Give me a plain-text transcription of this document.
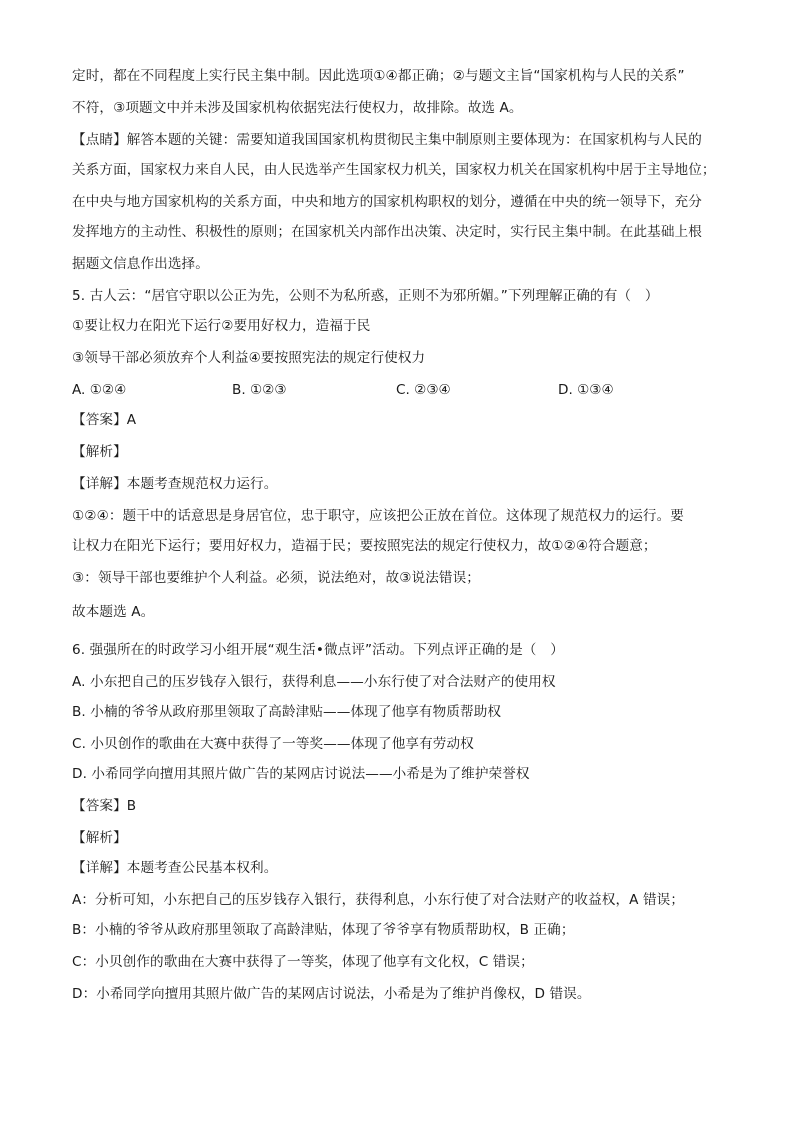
定时，都在不同程度上实行民主集中制。因此选项①④都正确；②与题文主旨“国家机构与人民的关系”
不符，③项题文中并未涉及国家机构依据宪法行使权力，故排除。故选 A。
【点睛】解答本题的关键：需要知道我国国家机构贯彻民主集中制原则主要体现为：在国家机构与人民的
关系方面，国家权力来自人民，由人民选举产生国家权力机关，国家权力机关在国家机构中居于主导地位；
在中央与地方国家机构的关系方面，中央和地方的国家机构职权的划分，遵循在中央的统一领导下，充分
发挥地方的主动性、积极性的原则；在国家机关内部作出决策、决定时，实行民主集中制。在此基础上根
据题文信息作出选择。
5. 古人云：“居官守职以公正为先，公则不为私所惑，正则不为邪所媚。”下列理解正确的有（　）
①要让权力在阳光下运行②要用好权力，造福于民
③领导干部必须放弃个人利益④要按照宪法的规定行使权力
A. ①②④	B. ①②③	C. ②③④	D. ①③④
【答案】A
【解析】
【详解】本题考查规范权力运行。
①②④：题干中的话意思是身居官位，忠于职守，应该把公正放在首位。这体现了规范权力的运行。要
让权力在阳光下运行；要用好权力，造福于民；要按照宪法的规定行使权力，故①②④符合题意；
③：领导干部也要维护个人利益。必须，说法绝对，故③说法错误；
故本题选 A。
6. 强强所在的时政学习小组开展“观生活•微点评”活动。下列点评正确的是（　）
A. 小东把自己的压岁钱存入银行，获得利息——小东行使了对合法财产的使用权
B. 小楠的爷爷从政府那里领取了高龄津贴——体现了他享有物质帮助权
C. 小贝创作的歌曲在大赛中获得了一等奖——体现了他享有劳动权
D. 小希同学向擅用其照片做广告的某网店讨说法——小希是为了维护荣誉权
【答案】B
【解析】
【详解】本题考查公民基本权利。
A：分析可知，小东把自己的压岁钱存入银行，获得利息，小东行使了对合法财产的收益权，A 错误；
B：小楠的爷爷从政府那里领取了高龄津贴，体现了爷爷享有物质帮助权，B 正确；
C：小贝创作的歌曲在大赛中获得了一等奖，体现了他享有文化权，C 错误；
D：小希同学向擅用其照片做广告的某网店讨说法，小希是为了维护肖像权，D 错误。
